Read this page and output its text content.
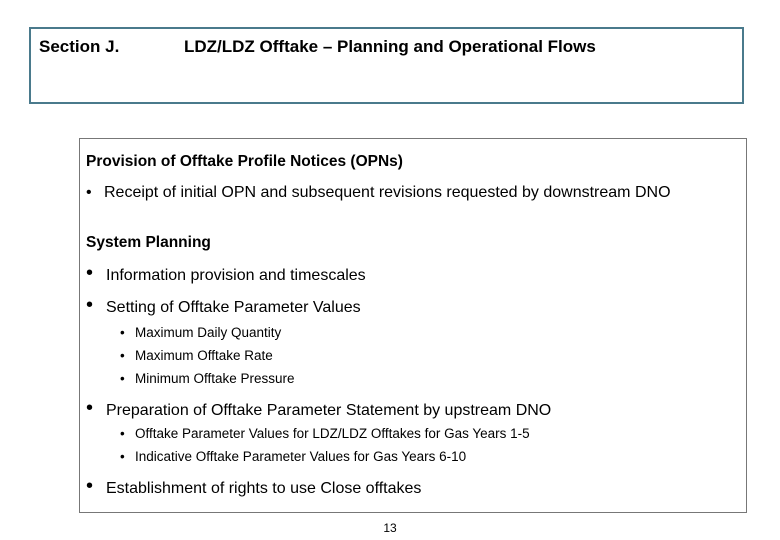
Section J.	LDZ/LDZ Offtake – Planning and Operational Flows
Provision of Offtake Profile Notices (OPNs)
• Receipt of initial OPN and subsequent revisions requested by downstream DNO
System Planning
• Information provision and timescales
• Setting of Offtake Parameter Values
• Maximum Daily Quantity
• Maximum Offtake Rate
• Minimum Offtake Pressure
• Preparation of Offtake Parameter Statement by upstream DNO
• Offtake Parameter Values for LDZ/LDZ Offtakes for Gas Years 1-5
• Indicative Offtake Parameter Values for Gas Years 6-10
• Establishment of rights to use Close offtakes
13
